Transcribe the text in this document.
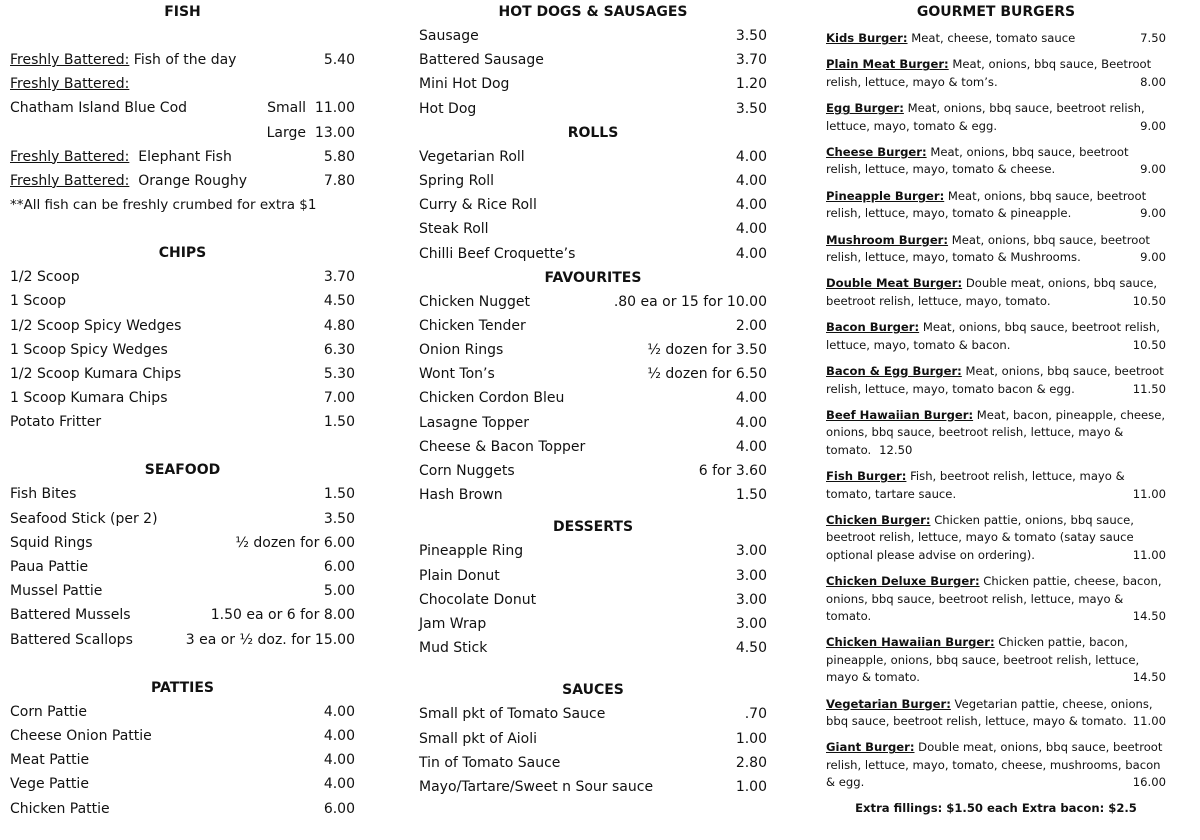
FISH
Freshly Battered: Fish of the day	5.40
Freshly Battered:
Chatham Island Blue Cod	Small 11.00
Large 13.00
Freshly Battered: Elephant Fish	5.80
Freshly Battered: Orange Roughy	7.80
**All fish can be freshly crumbed for extra $1
CHIPS
1/2 Scoop	3.70
1 Scoop	4.50
1/2 Scoop Spicy Wedges	4.80
1 Scoop Spicy Wedges	6.30
1/2 Scoop Kumara Chips	5.30
1 Scoop Kumara Chips	7.00
Potato Fritter	1.50
SEAFOOD
Fish Bites	1.50
Seafood Stick (per 2)	3.50
Squid Rings	½ dozen for 6.00
Paua Pattie	6.00
Mussel Pattie	5.00
Battered Mussels	1.50 ea or 6 for 8.00
Battered Scallops	3 ea or ½ doz. for 15.00
PATTIES
Corn Pattie	4.00
Cheese Onion Pattie	4.00
Meat Pattie	4.00
Vege Pattie	4.00
Chicken Pattie	6.00
HOT DOGS & SAUSAGES
Sausage	3.50
Battered Sausage	3.70
Mini Hot Dog	1.20
Hot Dog	3.50
ROLLS
Vegetarian Roll	4.00
Spring Roll	4.00
Curry & Rice Roll	4.00
Steak Roll	4.00
Chilli Beef Croquette’s	4.00
FAVOURITES
Chicken Nugget	.80 ea or 15 for 10.00
Chicken Tender	2.00
Onion Rings	½ dozen for 3.50
Wont Ton’s	½ dozen for 6.50
Chicken Cordon Bleu	4.00
Lasagne Topper	4.00
Cheese & Bacon Topper	4.00
Corn Nuggets	6 for 3.60
Hash Brown	1.50
DESSERTS
Pineapple Ring	3.00
Plain Donut	3.00
Chocolate Donut	3.00
Jam Wrap	3.00
Mud Stick	4.50
SAUCES
Small pkt of Tomato Sauce	.70
Small pkt of Aioli	1.00
Tin of Tomato Sauce	2.80
Mayo/Tartare/Sweet n Sour sauce	1.00
GOURMET BURGERS
Kids Burger: Meat, cheese, tomato sauce	7.50
Plain Meat Burger: Meat, onions, bbq sauce, Beetroot relish, lettuce, mayo & tom’s.	8.00
Egg Burger: Meat, onions, bbq sauce, beetroot relish, lettuce, mayo, tomato & egg.	9.00
Cheese Burger: Meat, onions, bbq sauce, beetroot relish, lettuce, mayo, tomato & cheese.	9.00
Pineapple Burger: Meat, onions, bbq sauce, beetroot relish, lettuce, mayo, tomato & pineapple.	9.00
Mushroom Burger: Meat, onions, bbq sauce, beetroot relish, lettuce, mayo, tomato & Mushrooms.	9.00
Double Meat Burger: Double meat, onions, bbq sauce, beetroot relish, lettuce, mayo, tomato.	10.50
Bacon Burger: Meat, onions, bbq sauce, beetroot relish, lettuce, mayo, tomato & bacon.	10.50
Bacon & Egg Burger: Meat, onions, bbq sauce, beetroot relish, lettuce, mayo, tomato bacon & egg.	11.50
Beef Hawaiian Burger: Meat, bacon, pineapple, cheese, onions, bbq sauce, beetroot relish, lettuce, mayo & tomato. 12.50
Fish Burger: Fish, beetroot relish, lettuce, mayo & tomato, tartare sauce.	11.00
Chicken Burger: Chicken pattie, onions, bbq sauce, beetroot relish, lettuce, mayo & tomato (satay sauce optional please advise on ordering).	11.00
Chicken Deluxe Burger: Chicken pattie, cheese, bacon, onions, bbq sauce, beetroot relish, lettuce, mayo & tomato.	14.50
Chicken Hawaiian Burger: Chicken pattie, bacon, pineapple, onions, bbq sauce, beetroot relish, lettuce, mayo & tomato.	14.50
Vegetarian Burger: Vegetarian pattie, cheese, onions, bbq sauce, beetroot relish, lettuce, mayo & tomato. 11.00
Giant Burger: Double meat, onions, bbq sauce, beetroot relish, lettuce, mayo, tomato, cheese, mushrooms, bacon & egg.	16.00
Extra fillings: $1.50 each Extra bacon: $2.5
